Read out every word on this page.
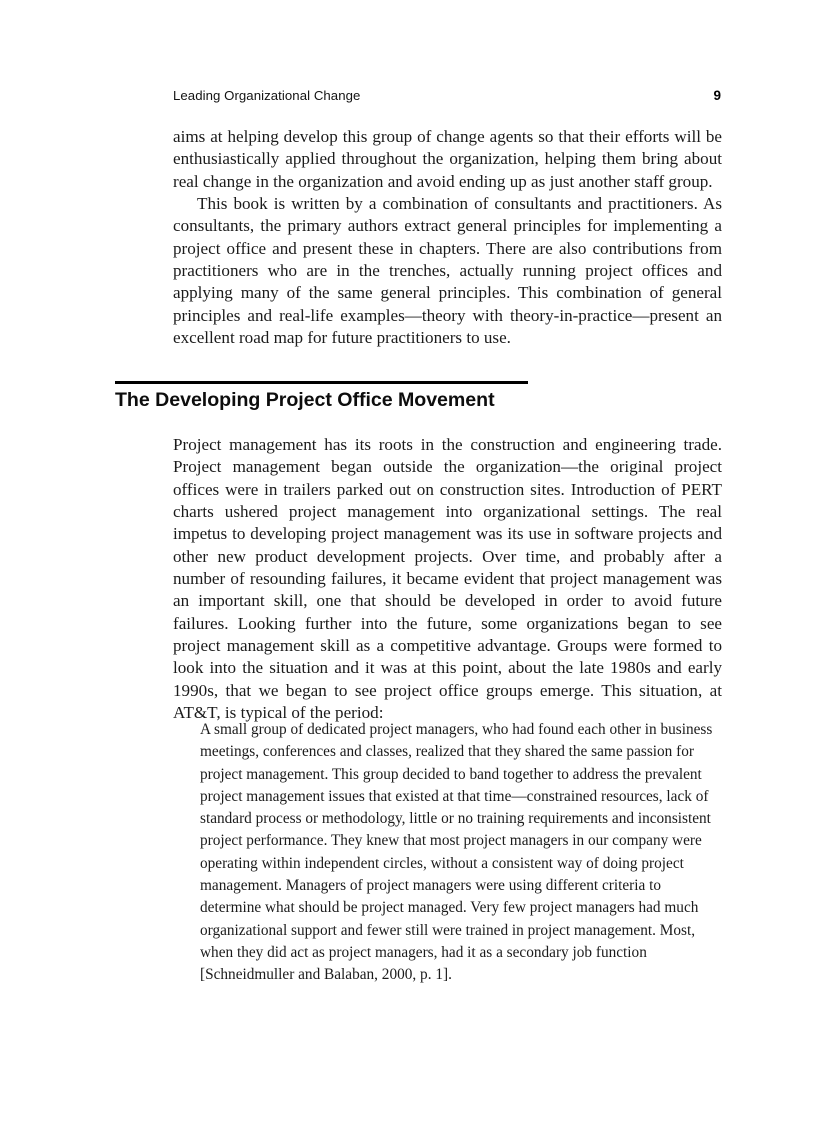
Leading Organizational Change	9

aims at helping develop this group of change agents so that their efforts will be enthusiastically applied throughout the organization, helping them bring about real change in the organization and avoid ending up as just another staff group.

This book is written by a combination of consultants and practitioners. As consultants, the primary authors extract general principles for implementing a project office and present these in chapters. There are also contributions from practitioners who are in the trenches, actually running project offices and applying many of the same general principles. This combination of general principles and real-life examples—theory with theory-in-practice—present an excellent road map for future practitioners to use.

The Developing Project Office Movement

Project management has its roots in the construction and engineering trade. Project management began outside the organization—the original project offices were in trailers parked out on construction sites. Introduction of PERT charts ushered project management into organizational settings. The real impetus to developing project management was its use in software projects and other new product development projects. Over time, and probably after a number of resounding failures, it became evident that project management was an important skill, one that should be developed in order to avoid future failures. Looking further into the future, some organizations began to see project management skill as a competitive advantage. Groups were formed to look into the situation and it was at this point, about the late 1980s and early 1990s, that we began to see project office groups emerge. This situation, at AT&T, is typical of the period:

A small group of dedicated project managers, who had found each other in business meetings, conferences and classes, realized that they shared the same passion for project management. This group decided to band together to address the prevalent project management issues that existed at that time—constrained resources, lack of standard process or methodology, little or no training requirements and inconsistent project performance. They knew that most project managers in our company were operating within independent circles, without a consistent way of doing project management. Managers of project managers were using different criteria to determine what should be project managed. Very few project managers had much organizational support and fewer still were trained in project management. Most, when they did act as project managers, had it as a secondary job function [Schneidmuller and Balaban, 2000, p. 1].
